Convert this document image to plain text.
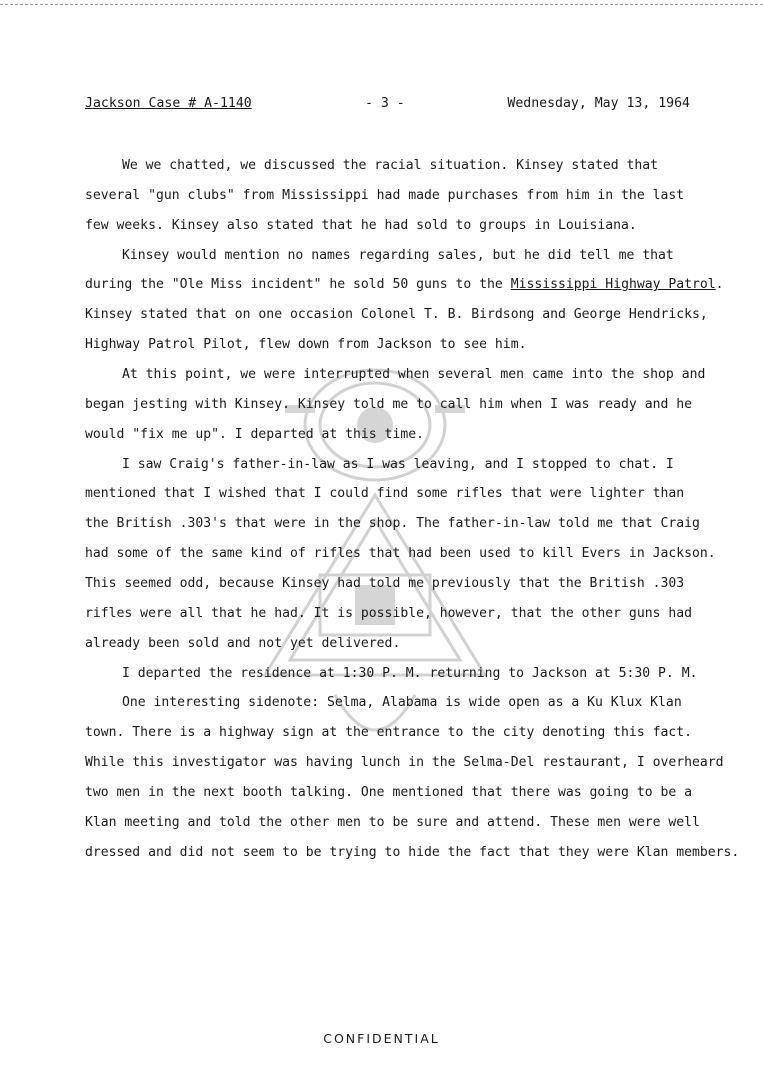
Jackson Case # A-1140	- 3 -	Wednesday, May 13, 1964
We we chatted, we discussed the racial situation. Kinsey stated that
several "gun clubs" from Mississippi had made purchases from him in the last
few weeks. Kinsey also stated that he had sold to groups in Louisiana.
Kinsey would mention no names regarding sales, but he did tell me that
during the "Ole Miss incident" he sold 50 guns to the Mississippi Highway Patrol.
Kinsey stated that on one occasion Colonel T. B. Birdsong and George Hendricks,
Highway Patrol Pilot, flew down from Jackson to see him.
At this point, we were interrupted when several men came into the shop and
began jesting with Kinsey. Kinsey told me to call him when I was ready and he
would "fix me up". I departed at this time.
I saw Craig's father-in-law as I was leaving, and I stopped to chat. I
mentioned that I wished that I could find some rifles that were lighter than
the British .303's that were in the shop. The father-in-law told me that Craig
had some of the same kind of rifles that had been used to kill Evers in Jackson.
This seemed odd, because Kinsey had told me previously that the British .303
rifles were all that he had. It is possible, however, that the other guns had
already been sold and not yet delivered.
I departed the residence at 1:30 P. M. returning to Jackson at 5:30 P. M.
One interesting sidenote: Selma, Alabama is wide open as a Ku Klux Klan
town. There is a highway sign at the entrance to the city denoting this fact.
While this investigator was having lunch in the Selma-Del restaurant, I overheard
two men in the next booth talking. One mentioned that there was going to be a
Klan meeting and told the other men to be sure and attend. These men were well
dressed and did not seem to be trying to hide the fact that they were Klan members.
CONFIDENTIAL
